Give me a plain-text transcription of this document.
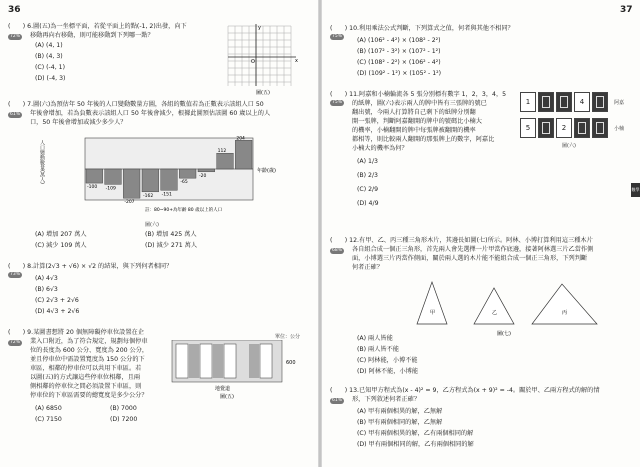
36
(　　) 6.圖(五)為一坐標平面，若從平面上的點(-1, 2)出發，向下
移動再向右移動，則可能移動到下列哪一點？
72%
(A) (4, 1)
(B) (4, 3)
(C) (-4, 1)
(D) (-4, 3)
x
y
O
圖(五)
(　　) 7.圖(六)為預估年 50 年後的人口變動數量方圖，各組的數值若為正數表示該組人口 50
年後會增加，若為負數表示該組人口 50 年後會減少，根據此圖預估該圖 60 歲以上的人
口，50 年後會增加或減少多少人？
61%
人口變動數量(萬人)
-100 -109
-207
-162 -151
-65
-20
112
204
年齡(歲)
註：80~90+為年齡 80 歲以上的人口
圖(六)
(A) 增加 207 萬人	(B) 增加 425 萬人
(C) 減少 109 萬人	(D) 減少 271 萬人
(　　) 8.計算(2√3 + √6) × √2 的結果，與下列何者相同？
73%
(A) 4√3
(B) 6√3
(C) 2√3 + 2√6
(D) 4√3 + 2√6
(　　) 9.某圖書想將 20 個無障礙停車位設置在企
業入口附近，為了符合規定，規劃每個停車
位的長度為 600 公分、寬度為 200 公分，
並且停車位中需設置寬度為 150 公分的下
車區，相鄰的停車位可以共用下車區。若
以圖(五)的方式讓這些停車位相鄰，且兩
側相鄰的停車位之間必須設置下車區，則
停車位的下車區需要的總寬度是多少公分？
72%
(A) 6850	(B) 7000
(C) 7150	(D) 7200
單位：公分
600
地覺道
圖(五)
37
(　　) 10.利用乘法公式判斷，下列算式之值，何者與其他不相同？
75%
(A) (106² - 4²) × (108² - 2²)
(B) (107² - 3²) × (107² - 1²)
(C) (108² - 2²) × (106² - 4²)
(D) (109² - 1²) × (105² - 1²)
(　　) 11.阿嘉和小楠輪流各 5 張分別標有數字 1，2，3，4，5
的紙牌，圖(六)表示兩人的牌中皆有三張牌的號已
翻出號，今兩人打算將自己剩下的紙牌分別翻
開一張牌，判斷阿嘉翻開的牌中的號碼比小楠大
的機率，小楠翻開的牌中每張牌被翻開的機率
都相等，則比較兩人翻開的那張牌上的數字，阿嘉比
小楠大的機率為何？
75%
(A) 1/3
(B) 2/3
(C) 2/9
(D) 4/9
1	4	阿嘉
5	2	小楠
圖(六)
(　　) 12.有甲、乙、丙三種三角形木片，其邊長如圖(七)所示。阿林、小博打算利用這三種木片
各自組合成一個正三角形，首先兩人會先選擇一片甲當作底邊，接著阿林選三片乙當作側
面，小博選三片丙當作側面，關於兩人選的木片能不能組合成一個正三角形，下列判斷
何者正確？
68%
甲	乙	丙
圖(七)
(A) 兩人皆能
(B) 兩人皆不能
(C) 阿林能，小博不能
(D) 阿林不能，小博能
(　　) 13.已知甲方程式為(x - 4)² = 9，乙方程式為(x + 9)² = -4。關於甲、乙兩方程式的解的情
形，下列敘述何者正確？
61%
(A) 甲有兩個相異的解，乙無解
(B) 甲有兩個相同的解，乙無解
(C) 甲有兩個相異的解，乙有兩個相同的解
(D) 甲有兩個相同的解，乙有兩個相同的解
數學
